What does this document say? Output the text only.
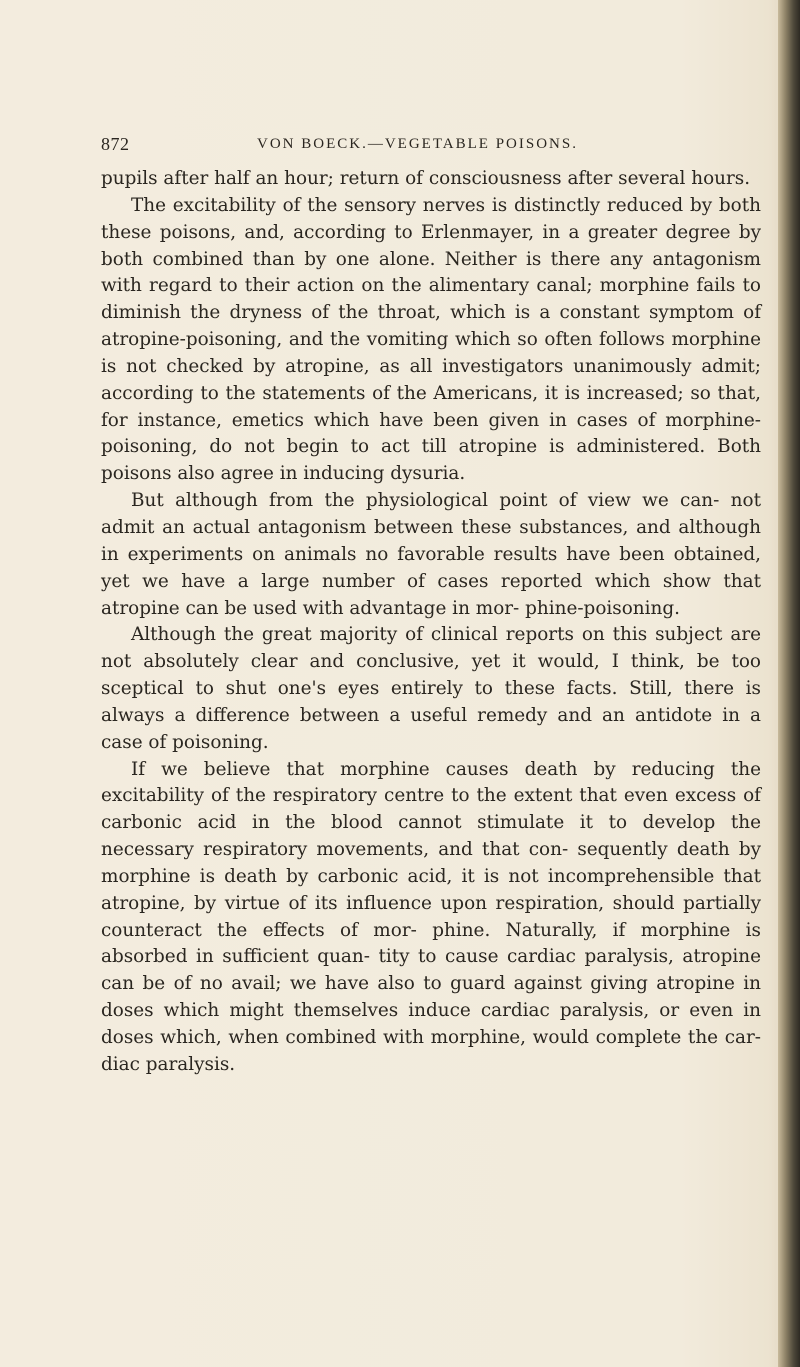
872	VON BOECK.—VEGETABLE POISONS.

pupils after half an hour; return of consciousness after several hours.

The excitability of the sensory nerves is distinctly reduced by both these poisons, and, according to Erlenmayer, in a greater degree by both combined than by one alone. Neither is there any antagonism with regard to their action on the alimentary canal; morphine fails to diminish the dryness of the throat, which is a constant symptom of atropine-poisoning, and the vomiting which so often follows morphine is not checked by atropine, as all investigators unanimously admit; according to the statements of the Americans, it is increased; so that, for instance, emetics which have been given in cases of morphine-poisoning, do not begin to act till atropine is administered. Both poisons also agree in inducing dysuria.

But although from the physiological point of view we can- not admit an actual antagonism between these substances, and although in experiments on animals no favorable results have been obtained, yet we have a large number of cases reported which show that atropine can be used with advantage in mor- phine-poisoning.

Although the great majority of clinical reports on this subject are not absolutely clear and conclusive, yet it would, I think, be too sceptical to shut one's eyes entirely to these facts. Still, there is always a difference between a useful remedy and an antidote in a case of poisoning.

If we believe that morphine causes death by reducing the excitability of the respiratory centre to the extent that even excess of carbonic acid in the blood cannot stimulate it to develop the necessary respiratory movements, and that con- sequently death by morphine is death by carbonic acid, it is not incomprehensible that atropine, by virtue of its influence upon respiration, should partially counteract the effects of mor- phine. Naturally, if morphine is absorbed in sufficient quan- tity to cause cardiac paralysis, atropine can be of no avail; we have also to guard against giving atropine in doses which might themselves induce cardiac paralysis, or even in doses which, when combined with morphine, would complete the car- diac paralysis.
